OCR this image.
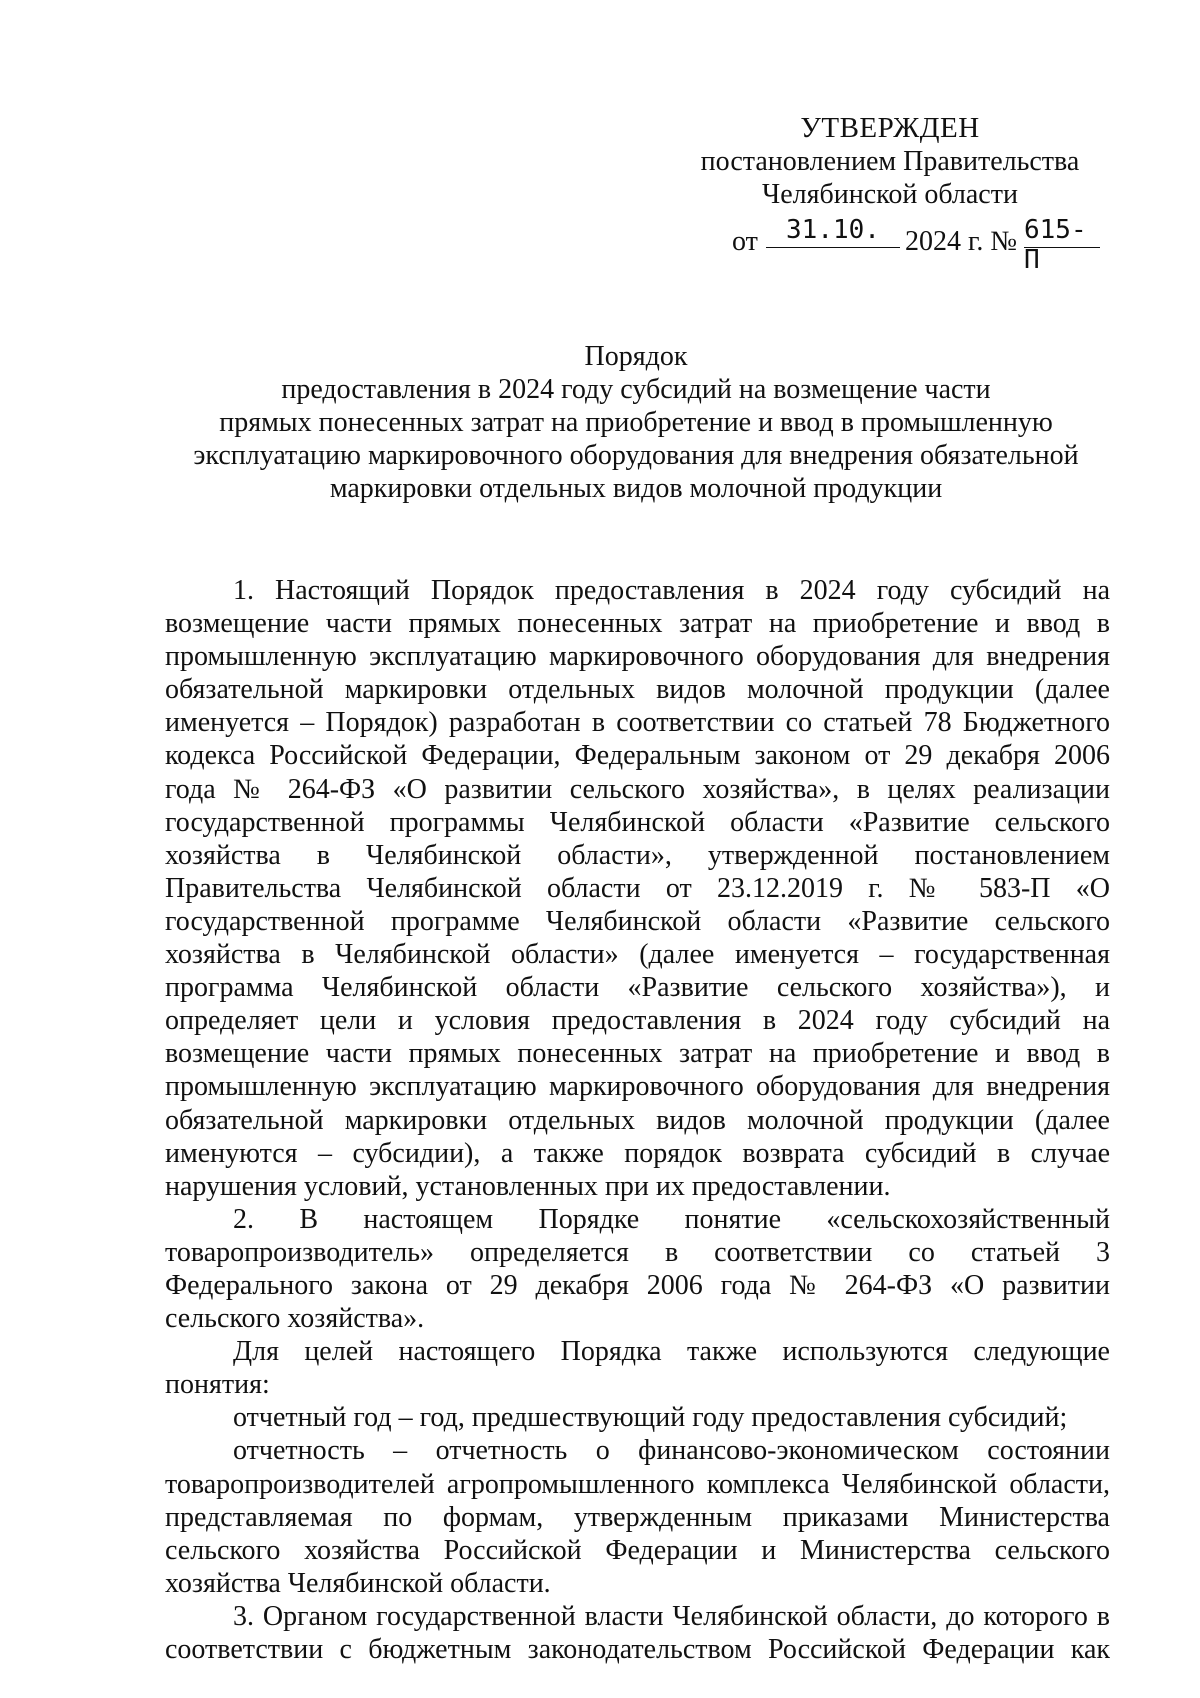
УТВЕРЖДЕН
постановлением Правительства
Челябинской области
от	31.10. 2024 г. № 615-П
Порядок
предоставления в 2024 году субсидий на возмещение части
прямых понесенных затрат на приобретение и ввод в промышленную
эксплуатацию маркировочного оборудования для внедрения обязательной
маркировки отдельных видов молочной продукции

1. Настоящий Порядок предоставления в 2024 году субсидий на возмещение части прямых понесенных затрат на приобретение и ввод в промышленную эксплуатацию маркировочного оборудования для внедрения обязательной маркировки отдельных видов молочной продукции (далее именуется – Порядок) разработан в соответствии со статьей 78 Бюджетного кодекса Российской Федерации, Федеральным законом от 29 декабря 2006 года № 264-ФЗ «О развитии сельского хозяйства», в целях реализации государственной программы Челябинской области «Развитие сельского хозяйства в Челябинской области», утвержденной постановлением Правительства Челябинской области от 23.12.2019 г. № 583-П «О государственной программе Челябинской области «Развитие сельского хозяйства в Челябинской области» (далее именуется – государственная программа Челябинской области «Развитие сельского хозяйства»), и определяет цели и условия предоставления в 2024 году субсидий на возмещение части прямых понесенных затрат на приобретение и ввод в промышленную эксплуатацию маркировочного оборудования для внедрения обязательной маркировки отдельных видов молочной продукции (далее именуются – субсидии), а также порядок возврата субсидий в случае нарушения условий, установленных при их предоставлении.

2. В настоящем Порядке понятие «сельскохозяйственный товаропроизводитель» определяется в соответствии со статьей 3 Федерального закона от 29 декабря 2006 года № 264-ФЗ «О развитии сельского хозяйства».

Для целей настоящего Порядка также используются следующие понятия:

отчетный год – год, предшествующий году предоставления субсидий;

отчетность – отчетность о финансово-экономическом состоянии товаропроизводителей агропромышленного комплекса Челябинской области, представляемая по формам, утвержденным приказами Министерства сельского хозяйства Российской Федерации и Министерства сельского хозяйства Челябинской области.

3. Органом государственной власти Челябинской области, до которого в соответствии с бюджетным законодательством Российской Федерации как
